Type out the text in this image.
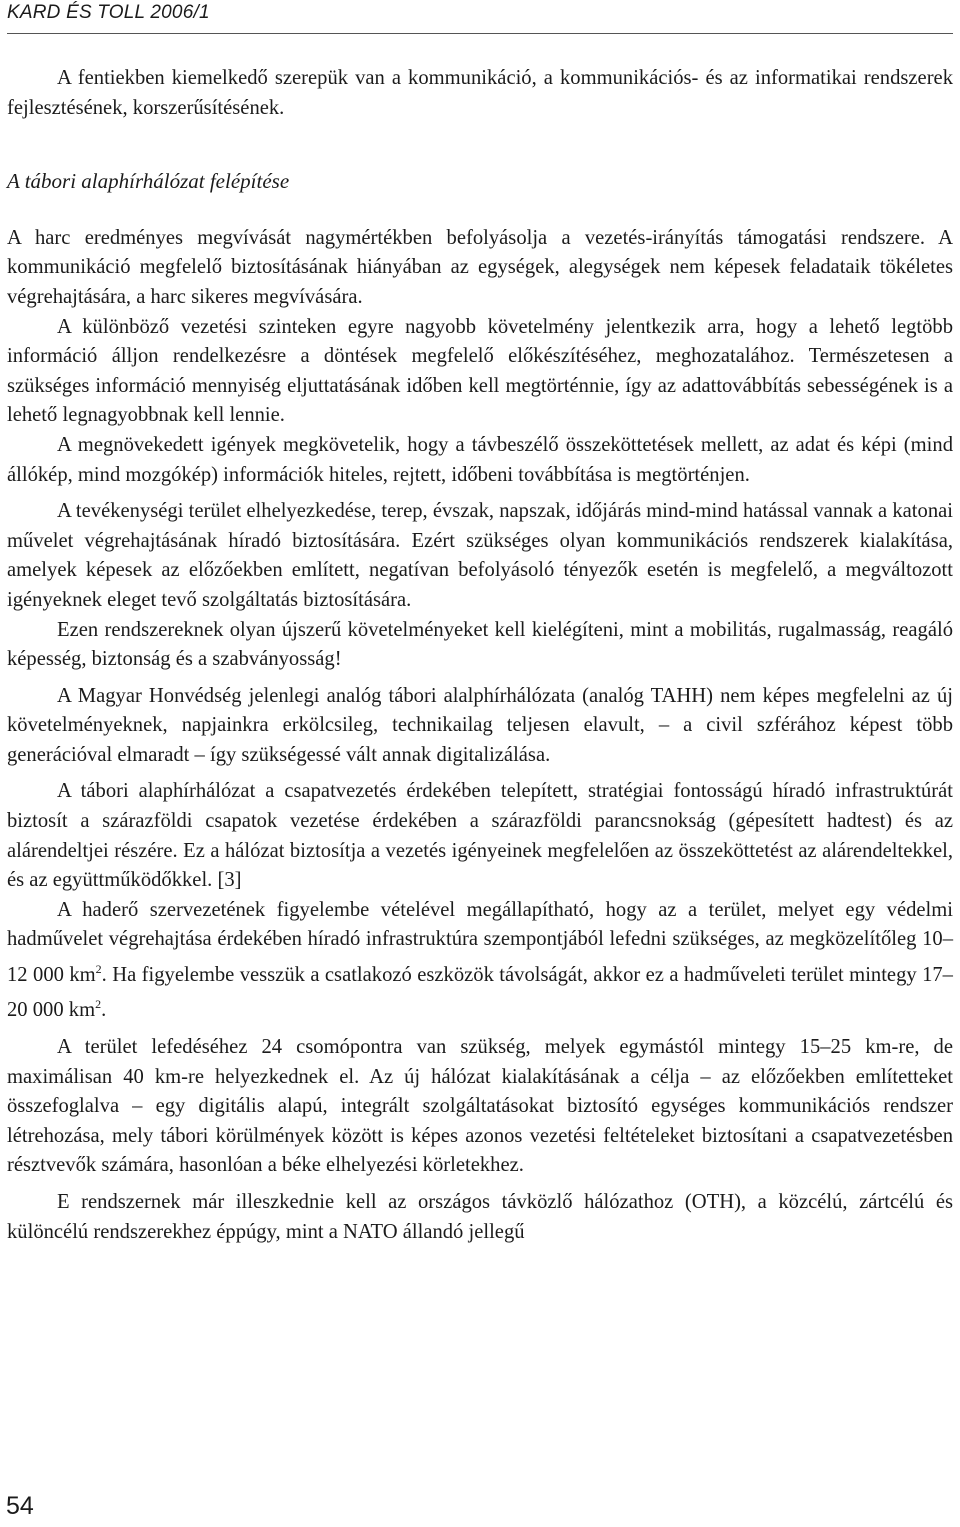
KARD ÉS TOLL 2006/1

A fentiekben kiemelkedő szerepük van a kommunikáció, a kommunikációs- és az informatikai rendszerek fejlesztésének, korszerűsítésének.

A tábori alaphírhálózat felépítése

A harc eredményes megvívását nagymértékben befolyásolja a vezetés-irányítás támogatási rendszere. A kommunikáció megfelelő biztosításának hiányában az egységek, alegységek nem képesek feladataik tökéletes végrehajtására, a harc sikeres megvívására.

A különböző vezetési szinteken egyre nagyobb követelmény jelentkezik arra, hogy a lehető legtöbb információ álljon rendelkezésre a döntések megfelelő előkészítéséhez, meghozatalához. Természetesen a szükséges információ mennyiség eljuttatásának időben kell megtörténnie, így az adattovábbítás sebességének is a lehető legnagyobbnak kell lennie.

A megnövekedett igények megkövetelik, hogy a távbeszélő összeköttetések mellett, az adat és képi (mind állókép, mind mozgókép) információk hiteles, rejtett, időbeni továbbítása is megtörténjen.

A tevékenységi terület elhelyezkedése, terep, évszak, napszak, időjárás mind-mind hatással vannak a katonai művelet végrehajtásának híradó biztosítására. Ezért szükséges olyan kommunikációs rendszerek kialakítása, amelyek képesek az előzőekben említett, negatívan befolyásoló tényezők esetén is megfelelő, a megváltozott igényeknek eleget tevő szolgáltatás biztosítására.

Ezen rendszereknek olyan újszerű követelményeket kell kielégíteni, mint a mobilitás, rugalmasság, reagáló képesség, biztonság és a szabványosság!

A Magyar Honvédség jelenlegi analóg tábori alalphírhálózata (analóg TAHH) nem képes megfelelni az új követelményeknek, napjainkra erkölcsileg, technikailag teljesen elavult, – a civil szférához képest több generációval elmaradt – így szükségessé vált annak digitalizálása.

A tábori alaphírhálózat a csapatvezetés érdekében telepített, stratégiai fontosságú híradó infrastruktúrát biztosít a szárazföldi csapatok vezetése érdekében a szárazföldi parancsnokság (gépesített hadtest) és az alárendeltjei részére. Ez a hálózat biztosítja a vezetés igényeinek megfelelően az összeköttetést az alárendeltekkel, és az együttműködőkkel. [3]

A haderő szervezetének figyelembe vételével megállapítható, hogy az a terület, melyet egy védelmi hadművelet végrehajtása érdekében híradó infrastruktúra szempontjából lefedni szükséges, az megközelítőleg 10–12 000 $km^2$. Ha figyelembe vesszük a csatlakozó eszközök távolságát, akkor ez a hadműveleti terület mintegy 17–20 000 $km^2$.

A terület lefedéséhez 24 csomópontra van szükség, melyek egymástól mintegy 15–25 km-re, de maximálisan 40 km-re helyezkednek el. Az új hálózat kialakításának a célja – az előzőekben említetteket összefoglalva – egy digitális alapú, integrált szolgáltatásokat biztosító egységes kommunikációs rendszer létrehozása, mely tábori körülmények között is képes azonos vezetési feltételeket biztosítani a csapatvezetésben résztvevők számára, hasonlóan a béke elhelyezési körletekhez.

E rendszernek már illeszkednie kell az országos távközlő hálózathoz (OTH), a közcélú, zártcélú és különcélú rendszerekhez éppúgy, mint a NATO állandó jellegű

54
